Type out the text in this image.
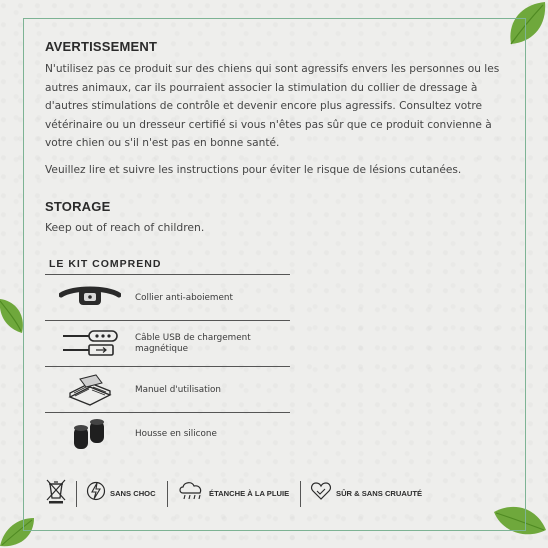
AVERTISSEMENT

N'utilisez pas ce produit sur des chiens qui sont agressifs envers les personnes ou les autres animaux, car ils pourraient associer la stimulation du collier de dressage à d'autres stimulations de contrôle et devenir encore plus agressifs. Consultez votre vétérinaire ou un dresseur certifié si vous n'êtes pas sûr que ce produit convienne à votre chien ou s'il n'est pas en bonne santé.

Veuillez lire et suivre les instructions pour éviter le risque de lésions cutanées.

STORAGE

Keep out of reach of children.

LE KIT COMPREND
Collier anti-aboiement
Câble USB de chargement magnétique
Manuel d'utilisation
Housse en silicone
SANS CHOC	ÉTANCHE À LA PLUIE	SÛR & SANS CRUAUTÉ
